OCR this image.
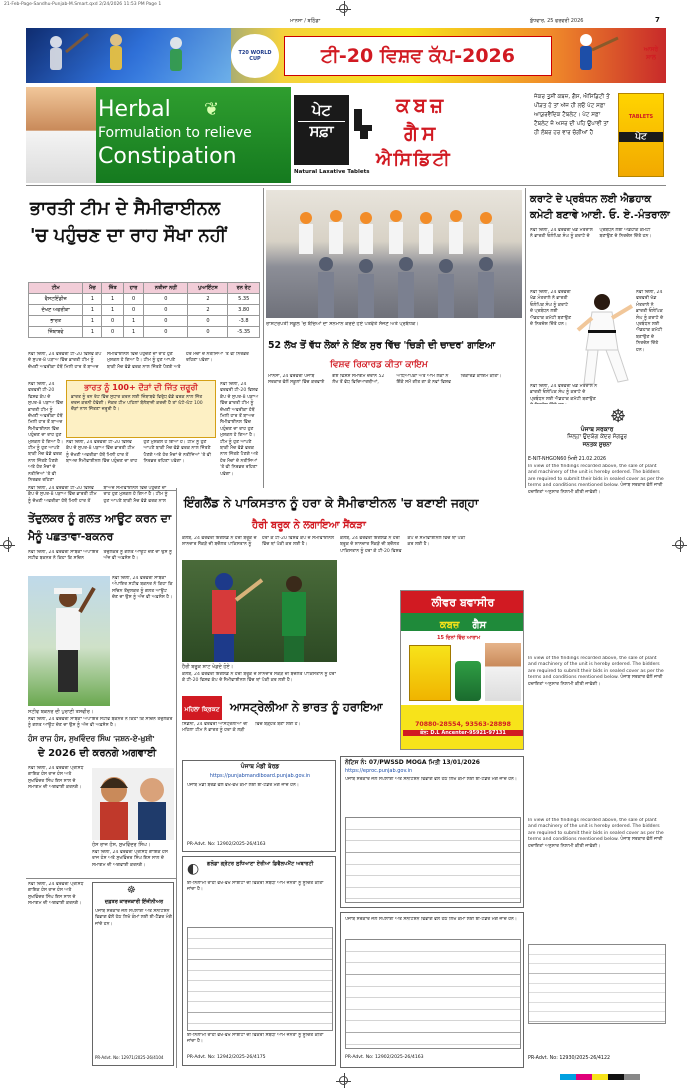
21-Feb-Page-Sandhu-Punjab-M.Smart.qxd 2/24/2026 11:53 PM Page 1
ਮਾਨਸਾ / ਬਠਿੰਡਾ	ਬੁੱਧਵਾਰ, 25 ਫਰਵਰੀ 2026	7
T20 WORLD CUP	ਟੀ-20 ਵਿਸ਼ਵ ਕੱਪ-2026	ਆਸਰੇ ਸਾਲ
Herbal
Formulation to relieve
Constipation
❦	ਪੇਟ
ਸਫ਼ਾ
Natural Laxative Tablets
ਕਬਜ਼
ਗੈਸ
ਐਸਿਡਿਟੀ
ਜੇਕਰ ਤੁਸੀਂ ਕਬਜ਼, ਗੈਸ, ਐਸਿਡਿਟੀ ਤੋਂ ਪੀੜਤ ਹੋ ਤਾਂ ਅੱਜ ਹੀ ਲਓ ਪੇਟ ਸਫ਼ਾ ਆਯੁਰਵੈਦਿਕ ਟੈਬਲੇਟ। ਪੇਟ ਸਫ਼ਾ ਟੈਬਲੇਟ ਜ਼ੋ ਅਸਰ ਦੀ ਪਹਿ ਉਪਾਵੀ ਤਾਂ ਹੀ ਲੰਬਰ ਹਰ ਵਾਰ ਚੰਗੀਆਂ ਹੈ
TABLETS
ਪੇਟ
ਭਾਰਤੀ ਟੀਮ ਦੇ ਸੈਮੀਫਾਈਨਲ
'ਚ ਪਹੁੰਚਣ ਦਾ ਰਾਹ ਸੌਖਾ ਨਹੀਂ
ਟੀਮ	ਮੈਚ	ਜਿੱਤ	ਹਾਰ	ਨਤੀਜਾ ਨਹੀਂ	ਪੁਆਇੰਟਸ	ਰਨ ਰੇਟ
ਵੈਸਟਇੰਡੀਜ਼	1	1	0	0	2	5.35
ਦੱਖਣ ਅਫਰੀਕਾ	1	1	0	0	2	3.80
ਭਾਰਤ	1	0	1	0	0	-3.8
ਜ਼ਿੰਬਾਬਵੇ	1	0	1	0	0	-5.35
ਨਵੀਂ ਦਿੱਲੀ, 24 ਫਰਵਰੀ ਟੀ-20 ਵਿਸ਼ਵ ਕੱਪ ਦੇ ਸੁਪਰ-8 ਪੜਾਅ ਵਿੱਚ ਭਾਰਤੀ ਟੀਮ ਨੂੰ ਦੱਖਣੀ ਅਫਰੀਕਾ ਹੱਥੋਂ ਮਿਲੀ ਹਾਰ ਤੋਂ ਬਾਅਦ ਸੈਮੀਫਾਈਨਲ ਵਿੱਚ ਪਹੁੰਚਣ ਦਾ ਰਾਹ ਹੁਣ ਮੁਸ਼ਕਲ ਹੋ ਗਿਆ ਹੈ। ਟੀਮ ਨੂੰ ਹੁਣ ਆਪਣੇ ਬਾਕੀ ਮੈਚ ਵੱਡੇ ਫਰਕ ਨਾਲ ਜਿੱਤਣੇ ਪੈਣਗੇ ਅਤੇ ਹੋਰ ਮੈਚਾਂ ਦੇ ਨਤੀਜਿਆਂ 'ਤੇ ਵੀ ਨਿਰਭਰ ਰਹਿਣਾ ਪਵੇਗਾ।
ਭਾਰਤ ਨੂੰ 100+ ਦੌੜਾਂ ਦੀ ਜਿੱਤ ਜ਼ਰੂਰੀ
ਭਾਰਤ ਨੂੰ ਰਨ ਰੇਟ ਵਿੱਚ ਸੁਧਾਰ ਕਰਨ ਲਈ ਜ਼ਿੰਬਾਬਵੇ ਵਿਰੁੱਧ ਵੱਡੇ ਫਰਕ ਨਾਲ ਜਿੱਤ ਦਰਜ ਕਰਨੀ ਹੋਵੇਗੀ। ਜੇਕਰ ਟੀਮ ਪਹਿਲਾਂ ਬੱਲੇਬਾਜ਼ੀ ਕਰਦੀ ਹੈ ਤਾਂ ਘੱਟੋ-ਘੱਟ 100 ਦੌੜਾਂ ਨਾਲ ਜਿੱਤਣਾ ਜ਼ਰੂਰੀ ਹੈ।
ਨਵੀਂ ਦਿੱਲੀ, 24 ਫਰਵਰੀ ਟੀ-20 ਵਿਸ਼ਵ ਕੱਪ ਦੇ ਸੁਪਰ-8 ਪੜਾਅ ਵਿੱਚ ਭਾਰਤੀ ਟੀਮ ਨੂੰ ਦੱਖਣੀ ਅਫਰੀਕਾ ਹੱਥੋਂ ਮਿਲੀ ਹਾਰ ਤੋਂ ਬਾਅਦ ਸੈਮੀਫਾਈਨਲ ਵਿੱਚ ਪਹੁੰਚਣ ਦਾ ਰਾਹ ਹੁਣ ਮੁਸ਼ਕਲ ਹੋ ਗਿਆ ਹੈ। ਟੀਮ ਨੂੰ ਹੁਣ ਆਪਣੇ ਬਾਕੀ ਮੈਚ ਵੱਡੇ ਫਰਕ ਨਾਲ ਜਿੱਤਣੇ ਪੈਣਗੇ ਅਤੇ ਹੋਰ ਮੈਚਾਂ ਦੇ ਨਤੀਜਿਆਂ 'ਤੇ ਵੀ ਨਿਰਭਰ ਰਹਿਣਾ
ਨਵੀਂ ਦਿੱਲੀ, 24 ਫਰਵਰੀ ਟੀ-20 ਵਿਸ਼ਵ ਕੱਪ ਦੇ ਸੁਪਰ-8 ਪੜਾਅ ਵਿੱਚ ਭਾਰਤੀ ਟੀਮ ਨੂੰ ਦੱਖਣੀ ਅਫਰੀਕਾ ਹੱਥੋਂ ਮਿਲੀ ਹਾਰ ਤੋਂ ਬਾਅਦ ਸੈਮੀਫਾਈਨਲ ਵਿੱਚ ਪਹੁੰਚਣ ਦਾ ਰਾਹ ਹੁਣ ਮੁਸ਼ਕਲ ਹੋ ਗਿਆ ਹੈ। ਟੀਮ ਨੂੰ ਹੁਣ ਆਪਣੇ ਬਾਕੀ ਮੈਚ ਵੱਡੇ ਫਰਕ ਨਾਲ ਜਿੱਤਣੇ ਪੈਣਗੇ ਅਤੇ ਹੋਰ ਮੈਚਾਂ ਦੇ ਨਤੀਜਿਆਂ 'ਤੇ ਵੀ ਨਿਰਭਰ ਰਹਿਣਾ ਪਵੇਗਾ।
ਨਵੀਂ ਦਿੱਲੀ, 24 ਫਰਵਰੀ ਟੀ-20 ਵਿਸ਼ਵ ਕੱਪ ਦੇ ਸੁਪਰ-8 ਪੜਾਅ ਵਿੱਚ ਭਾਰਤੀ ਟੀਮ ਨੂੰ ਦੱਖਣੀ ਅਫਰੀਕਾ ਹੱਥੋਂ ਮਿਲੀ ਹਾਰ ਤੋਂ ਬਾਅਦ ਸੈਮੀਫਾਈਨਲ ਵਿੱਚ ਪਹੁੰਚਣ ਦਾ ਰਾਹ ਹੁਣ ਮੁਸ਼ਕਲ ਹੋ ਗਿਆ ਹੈ। ਟੀਮ ਨੂੰ ਹੁਣ ਆਪਣੇ ਬਾਕੀ ਮੈਚ ਵੱਡੇ ਫਰਕ ਨਾਲ ਜਿੱਤਣੇ ਪੈਣਗੇ ਅਤੇ ਹੋਰ ਮੈਚਾਂ ਦੇ ਨਤੀਜਿਆਂ 'ਤੇ ਵੀ ਨਿਰਭਰ ਰਹਿਣਾ ਪਵੇਗਾ।
ਰਾਸ਼ਟਰਪਤੀ ਸਕੂਲ 'ਚ ਬੱਚਿਆਂ ਦਾ ਸਨਮਾਨ ਕਰਦੇ ਹੋਏ ਪਤਵੰਤੇ ਸੱਜਣ ਅਤੇ ਪ੍ਰਬੰਧਕ।
52 ਲੱਖ ਤੋਂ ਵੱਧ ਲੋਕਾਂ ਨੇ ਇੱਕ ਸੁਰ ਵਿੱਚ 'ਚਿੜੀ ਦੀ ਚਾਦਰ' ਗਾਇਆ
ਵਿਸ਼ਵ ਰਿਕਾਰਡ ਕੀਤਾ ਕਾਇਮ
ਮਾਨਸਾ, 24 ਫਰਵਰੀ ਪੰਜਾਬ ਸਰਕਾਰ ਵੱਲੋਂ ਸਕੂਲਾਂ ਵਿੱਚ ਕਰਵਾਏ ਗਏ ਵਿਸ਼ੇਸ਼ ਸਮਾਗਮ ਦੌਰਾਨ 52 ਲੱਖ ਤੋਂ ਵੱਧ ਵਿਦਿਆਰਥੀਆਂ, ਅਧਿਆਪਕਾਂ ਅਤੇ ਆਮ ਲੋਕਾਂ ਨੇ ਇੱਕੋ ਸਮੇਂ ਗੀਤ ਗਾ ਕੇ ਨਵਾਂ ਵਿਸ਼ਵ ਰਿਕਾਰਡ ਕਾਇਮ ਕੀਤਾ।
ਕਰਾਟੇ ਦੇ ਪ੍ਰਬੰਧਨ ਲਈ ਐਡਹਾਕ
ਕਮੇਟੀ ਬਣਾਵੇ ਆਈ. ਓ. ਏ.-ਮੰਤਰਾਲਾ
ਨਵੀਂ ਦਿੱਲੀ, 24 ਫਰਵਰੀ ਖੇਡ ਮੰਤਰਾਲੇ ਨੇ ਭਾਰਤੀ ਓਲੰਪਿਕ ਸੰਘ ਨੂੰ ਕਰਾਟੇ ਦੇ ਪ੍ਰਬੰਧਨ ਲਈ ਐਡਹਾਕ ਕਮੇਟੀ ਬਣਾਉਣ ਦੇ ਨਿਰਦੇਸ਼ ਦਿੱਤੇ ਹਨ।
ਨਵੀਂ ਦਿੱਲੀ, 24 ਫਰਵਰੀ ਖੇਡ ਮੰਤਰਾਲੇ ਨੇ ਭਾਰਤੀ ਓਲੰਪਿਕ ਸੰਘ ਨੂੰ ਕਰਾਟੇ ਦੇ ਪ੍ਰਬੰਧਨ ਲਈ ਐਡਹਾਕ ਕਮੇਟੀ ਬਣਾਉਣ ਦੇ ਨਿਰਦੇਸ਼ ਦਿੱਤੇ ਹਨ।
ਨਵੀਂ ਦਿੱਲੀ, 24 ਫਰਵਰੀ ਖੇਡ ਮੰਤਰਾਲੇ ਨੇ ਭਾਰਤੀ ਓਲੰਪਿਕ ਸੰਘ ਨੂੰ ਕਰਾਟੇ ਦੇ ਪ੍ਰਬੰਧਨ ਲਈ ਐਡਹਾਕ ਕਮੇਟੀ ਬਣਾਉਣ ਦੇ ਨਿਰਦੇਸ਼ ਦਿੱਤੇ ਹਨ।
ਨਵੀਂ ਦਿੱਲੀ, 24 ਫਰਵਰੀ ਖੇਡ ਮੰਤਰਾਲੇ ਨੇ ਭਾਰਤੀ ਓਲੰਪਿਕ ਸੰਘ ਨੂੰ ਕਰਾਟੇ ਦੇ ਪ੍ਰਬੰਧਨ ਲਈ ਐਡਹਾਕ ਕਮੇਟੀ ਬਣਾਉਣ
☸
ਪੰਜਾਬ ਸਰਕਾਰ
ਜ਼ਿਲ੍ਹਾ ਉਦਯੋਗ ਕੇਂਦਰ ਸੰਗਰੂਰ
ਜਨਤਕ ਸੂਚਨਾ
E-NIT-NHGON60 ਮਿਤੀ 21.02.2026
In view of the findings recorded above, the sale of plant and machinery of the unit is hereby ordered. The bidders are required to submit their bids in sealed cover as per the terms and conditions mentioned below. ਪੰਜਾਬ ਸਰਕਾਰ ਵੱਲੋਂ ਜਾਰੀ ਹਦਾਇਤਾਂ ਅਨੁਸਾਰ ਨਿਲਾਮੀ ਕੀਤੀ ਜਾਵੇਗੀ।
In view of the findings recorded above, the sale of plant and machinery of the unit is hereby ordered. The bidders are required to submit their bids in sealed cover as per the terms and conditions mentioned below. ਪੰਜਾਬ ਸਰਕਾਰ ਵੱਲੋਂ ਜਾਰੀ ਹਦਾਇਤਾਂ ਅਨੁਸਾਰ ਨਿਲਾਮੀ ਕੀਤੀ ਜਾਵੇਗੀ।
In view of the findings recorded above, the sale of plant and machinery of the unit is hereby ordered. The bidders are required to submit their bids in sealed cover as per the terms and conditions mentioned below. ਪੰਜਾਬ ਸਰਕਾਰ ਵੱਲੋਂ ਜਾਰੀ ਹਦਾਇਤਾਂ ਅਨੁਸਾਰ ਨਿਲਾਮੀ ਕੀਤੀ ਜਾਵੇਗੀ।
PR-Advt. No: 12930/2025-26/4122
ਨਵੀਂ ਦਿੱਲੀ, 24 ਫਰਵਰੀ ਟੀ-20 ਵਿਸ਼ਵ ਕੱਪ ਦੇ ਸੁਪਰ-8 ਪੜਾਅ ਵਿੱਚ ਭਾਰਤੀ ਟੀਮ ਨੂੰ ਦੱਖਣੀ ਅਫਰੀਕਾ ਹੱਥੋਂ ਮਿਲੀ ਹਾਰ ਤੋਂ ਬਾਅਦ ਸੈਮੀਫਾਈਨਲ ਵਿੱਚ ਪਹੁੰਚਣ ਦਾ ਰਾਹ ਹੁਣ ਮੁਸ਼ਕਲ ਹੋ ਗਿਆ ਹੈ। ਟੀਮ ਨੂੰ ਹੁਣ ਆਪਣੇ ਬਾਕੀ ਮੈਚ ਵੱਡੇ ਫਰਕ ਨਾਲ
ਤੇਂਦੁਲਕਰ ਨੂੰ ਗਲਤ ਆਊਟ ਕਰਨ ਦਾ ਮੈਨੂੰ ਪਛਤਾਵਾ-ਬਕਨਰ
ਨਵੀਂ ਦਿੱਲੀ, 24 ਫਰਵਰੀ ਸਾਬਕਾ ਅੰਪਾਇਰ ਸਟੀਵ ਬਕਨਰ ਨੇ ਕਿਹਾ ਕਿ ਸਚਿਨ ਤੇਂਦੁਲਕਰ ਨੂੰ ਗਲਤ ਆਊਟ ਦੇਣ ਦਾ ਉਸ ਨੂੰ ਅੱਜ ਵੀ ਅਫ਼ਸੋਸ ਹੈ।
ਨਵੀਂ ਦਿੱਲੀ, 24 ਫਰਵਰੀ ਸਾਬਕਾ ਅੰਪਾਇਰ ਸਟੀਵ ਬਕਨਰ ਨੇ ਕਿਹਾ ਕਿ ਸਚਿਨ ਤੇਂਦੁਲਕਰ ਨੂੰ ਗਲਤ ਆਊਟ ਦੇਣ ਦਾ ਉਸ ਨੂੰ ਅੱਜ ਵੀ ਅਫ਼ਸੋਸ ਹੈ।
ਸਟੀਵ ਬਕਨਰ ਦੀ ਪੁਰਾਣੀ ਤਸਵੀਰ।
ਨਵੀਂ ਦਿੱਲੀ, 24 ਫਰਵਰੀ ਸਾਬਕਾ ਅੰਪਾਇਰ ਸਟੀਵ ਬਕਨਰ ਨੇ ਕਿਹਾ ਕਿ ਸਚਿਨ ਤੇਂਦੁਲਕਰ ਨੂੰ ਗਲਤ ਆਊਟ ਦੇਣ ਦਾ ਉਸ ਨੂੰ ਅੱਜ ਵੀ ਅਫ਼ਸੋਸ ਹੈ।
ਹੰਸ ਰਾਜ ਹੰਸ, ਸੁਖਵਿੰਦਰ ਸਿੰਘ 'ਜਸ਼ਨ-ਏ-ਖ਼ੁਸ਼ੀ'
ਦੇ 2026 ਦੀ ਕਰਨਗੇ ਅਗਵਾਈ
ਨਵੀਂ ਦਿੱਲੀ, 24 ਫਰਵਰੀ ਪ੍ਰਸਿੱਧ ਗਾਇਕ ਹੰਸ ਰਾਜ ਹੰਸ ਅਤੇ ਸੁਖਵਿੰਦਰ ਸਿੰਘ ਇਸ ਸਾਲ ਦੇ ਸਮਾਗਮ ਦੀ ਅਗਵਾਈ ਕਰਨਗੇ।
ਹੰਸ ਰਾਜ ਹੰਸ, ਸੁਖਵਿੰਦਰ ਸਿੰਘ।
ਨਵੀਂ ਦਿੱਲੀ, 24 ਫਰਵਰੀ ਪ੍ਰਸਿੱਧ ਗਾਇਕ ਹੰਸ ਰਾਜ ਹੰਸ ਅਤੇ ਸੁਖਵਿੰਦਰ ਸਿੰਘ ਇਸ ਸਾਲ ਦੇ ਸਮਾਗਮ ਦੀ ਅਗਵਾਈ ਕਰਨਗੇ।
ਨਵੀਂ ਦਿੱਲੀ, 24 ਫਰਵਰੀ ਪ੍ਰਸਿੱਧ ਗਾਇਕ ਹੰਸ ਰਾਜ ਹੰਸ ਅਤੇ ਸੁਖਵਿੰਦਰ ਸਿੰਘ ਇਸ ਸਾਲ ਦੇ ਸਮਾਗਮ ਦੀ ਅਗਵਾਈ ਕਰਨਗੇ।
☸
ਦਫ਼ਤਰ ਕਾਰਜਕਾਰੀ ਇੰਜੀਨੀਅਰ
ਪੰਜਾਬ ਸਰਕਾਰ ਜਲ ਸਪਲਾਈ ਅਤੇ ਸੈਨੀਟੇਸ਼ਨ ਵਿਭਾਗ ਵੱਲੋਂ ਹੇਠ ਲਿਖੇ ਕੰਮਾਂ ਲਈ ਈ-ਟੈਂਡਰ ਮੰਗੇ ਜਾਂਦੇ ਹਨ।
PR-Advt. No: 12971/2025-26/4104
ਇੰਗਲੈਂਡ ਨੇ ਪਾਕਿਸਤਾਨ ਨੂੰ ਹਰਾ ਕੇ ਸੈਮੀਫਾਈਨਲ 'ਚ ਬਣਾਈ ਜਗ੍ਹਾ
ਹੈਰੀ ਬਰੂਕ ਨੇ ਲਗਾਇਆ ਸੈਂਕੜਾ
ਕੋਲੰਬੋ, 24 ਫਰਵਰੀ ਇੰਗਲੈਂਡ ਨੇ ਹੈਰੀ ਬਰੂਕ ਦੇ ਸ਼ਾਨਦਾਰ ਸੈਂਕੜੇ ਦੀ ਬਦੌਲਤ ਪਾਕਿਸਤਾਨ ਨੂੰ ਹਰਾ ਕੇ ਟੀ-20 ਵਿਸ਼ਵ ਕੱਪ ਦੇ ਸੈਮੀਫਾਈਨਲ ਵਿੱਚ ਥਾਂ ਪੱਕੀ ਕਰ ਲਈ ਹੈ।
ਹੈਰੀ ਬਰੂਕ ਸ਼ਾਟ ਖੇਡਦੇ ਹੋਏ।
ਕੋਲੰਬੋ, 24 ਫਰਵਰੀ ਇੰਗਲੈਂਡ ਨੇ ਹੈਰੀ ਬਰੂਕ ਦੇ ਸ਼ਾਨਦਾਰ ਸੈਂਕੜੇ ਦੀ ਬਦੌਲਤ ਪਾਕਿਸਤਾਨ ਨੂੰ ਹਰਾ ਕੇ ਟੀ-20 ਵਿਸ਼ਵ ਕੱਪ ਦੇ ਸੈਮੀਫਾਈਨਲ ਵਿੱਚ ਥਾਂ ਪੱਕੀ ਕਰ ਲਈ ਹੈ।
ਕੋਲੰਬੋ, 24 ਫਰਵਰੀ ਇੰਗਲੈਂਡ ਨੇ ਹੈਰੀ ਬਰੂਕ ਦੇ ਸ਼ਾਨਦਾਰ ਸੈਂਕੜੇ ਦੀ ਬਦੌਲਤ ਪਾਕਿਸਤਾਨ ਨੂੰ ਹਰਾ ਕੇ ਟੀ-20 ਵਿਸ਼ਵ ਕੱਪ ਦੇ ਸੈਮੀਫਾਈਨਲ ਵਿੱਚ ਥਾਂ ਪੱਕੀ ਕਰ ਲਈ ਹੈ।
ਮਹਿਲਾ ਕ੍ਰਿਕਟ ਆਸਟ੍ਰੇਲੀਆ ਨੇ ਭਾਰਤ ਨੂੰ ਹਰਾਇਆ
ਸਿਡਨੀ, 24 ਫਰਵਰੀ ਆਸਟ੍ਰੇਲੀਆ ਦੀ ਮਹਿਲਾ ਟੀਮ ਨੇ ਭਾਰਤ ਨੂੰ ਹਰਾ ਕੇ ਲੜੀ ਵਿੱਚ ਬੜ੍ਹਤ ਬਣਾ ਲਈ ਹੈ।
ਲੀਵਰ ਬਵਾਸੀਰ
ਕਬਜ਼ ਗੈਸ
15 ਦਿਨਾਂ ਵਿੱਚ ਆਰਾਮ
70880-28554, 93563-28898
ਕੋਨ: D.L Ancenter-95921-97131
ਨੋਟਿਸ ਨੰ: 07/PWSSD MOGA ਮਿਤੀ 13/01/2026
https://eproc.punjab.gov.in
ਪੰਜਾਬ ਸਰਕਾਰ ਜਲ ਸਪਲਾਈ ਅਤੇ ਸੈਨੀਟੇਸ਼ਨ ਵਿਭਾਗ ਵੱਲੋਂ ਹੇਠ ਲਿਖੇ ਕੰਮਾਂ ਲਈ ਈ-ਟੈਂਡਰ ਮੰਗੇ ਜਾਂਦੇ ਹਨ।
ਪੰਜਾਬ ਮੰਡੀ ਬੋਰਡ
https://punjabmandiboard.punjab.gov.in
ਪੰਜਾਬ ਮੰਡੀ ਬੋਰਡ ਵੱਲੋਂ ਵੱਖ-ਵੱਖ ਕੰਮਾਂ ਲਈ ਈ-ਟੈਂਡਰ ਮੰਗੇ ਜਾਂਦੇ ਹਨ।
PR-Advt. No: 12902/2025-26/4163
◐ ਗਲੋਡਾ ਗ੍ਰੇਟਰ ਲੁਧਿਆਣਾ ਏਰੀਆ ਡਿਵੈਲਪਮੈਂਟ ਅਥਾਰਟੀ
ਈ-ਨਿਲਾਮੀ ਰਾਹੀਂ ਵੱਖ-ਵੱਖ ਸਾਈਟਾਂ ਦੀ ਵਿਕਰੀ ਸਬੰਧੀ ਆਮ ਜਨਤਾ ਨੂੰ ਸੂਚਿਤ ਕੀਤਾ ਜਾਂਦਾ ਹੈ।
ਈ-ਨਿਲਾਮੀ ਰਾਹੀਂ ਵੱਖ-ਵੱਖ ਸਾਈਟਾਂ ਦੀ ਵਿਕਰੀ ਸਬੰਧੀ ਆਮ ਜਨਤਾ ਨੂੰ ਸੂਚਿਤ ਕੀਤਾ ਜਾਂਦਾ ਹੈ।
PR-Advt. No: 12942/2025-26/4175
ਪੰਜਾਬ ਸਰਕਾਰ ਜਲ ਸਪਲਾਈ ਅਤੇ ਸੈਨੀਟੇਸ਼ਨ ਵਿਭਾਗ ਵੱਲੋਂ ਹੇਠ ਲਿਖੇ ਕੰਮਾਂ ਲਈ ਈ-ਟੈਂਡਰ ਮੰਗੇ ਜਾਂਦੇ ਹਨ।
PR-Advt. No: 12902/2025-26/4163
